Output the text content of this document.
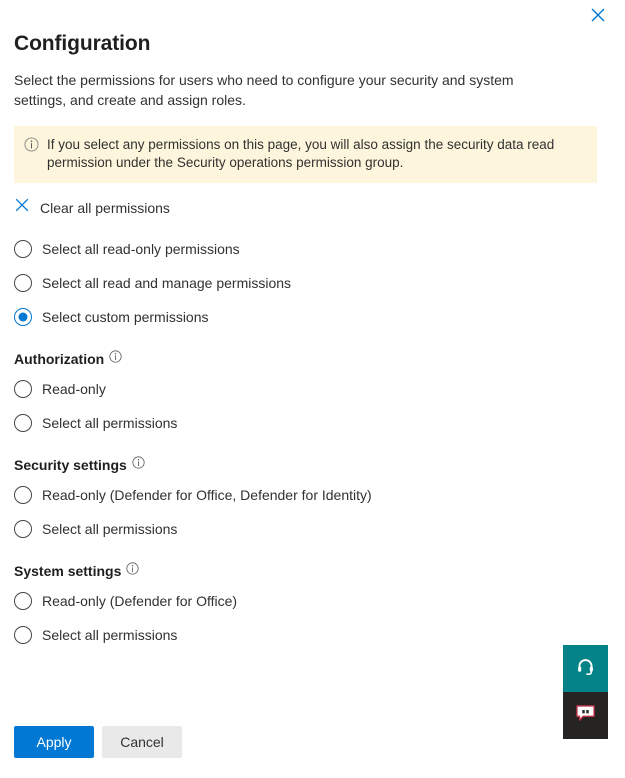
Configuration

Select the permissions for users who need to configure your security and system settings, and create and assign roles.

If you select any permissions on this page, you will also assign the security data read permission under the Security operations permission group.
Clear all permissions
Select all read-only permissions
Select all read and manage permissions
Select custom permissions
Authorization
Read-only
Select all permissions
Security settings
Read-only (Defender for Office, Defender for Identity)
Select all permissions
System settings
Read-only (Defender for Office)
Select all permissions
Apply	Cancel
